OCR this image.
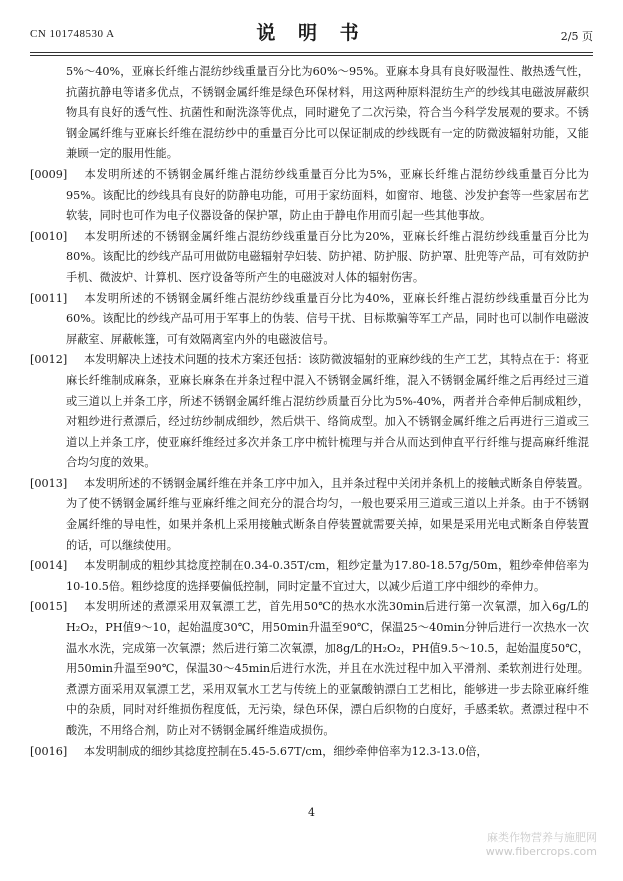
CN 101748530 A	说 明 书	2/5 页

5%～40%，亚麻长纤维占混纺纱线重量百分比为60%～95%。亚麻本身具有良好吸湿性、散热透气性，抗菌抗静电等诸多优点，不锈钢金属纤维是绿色环保材料，用这两种原料混纺生产的纱线其电磁波屏蔽织物具有良好的透气性、抗菌性和耐洗涤等优点，同时避免了二次污染，符合当今科学发展观的要求。不锈钢金属纤维与亚麻长纤维在混纺纱中的重量百分比可以保证制成的纱线既有一定的防微波辐射功能，又能兼顾一定的服用性能。

[0009] 本发明所述的不锈钢金属纤维占混纺纱线重量百分比为5%，亚麻长纤维占混纺纱线重量百分比为95%。该配比的纱线具有良好的防静电功能，可用于家纺面料，如窗帘、地毯、沙发护套等一些家居布艺软装，同时也可作为电子仪器设备的保护罩，防止由于静电作用而引起一些其他事故。

[0010] 本发明所述的不锈钢金属纤维占混纺纱线重量百分比为20%，亚麻长纤维占混纺纱线重量百分比为80%。该配比的纱线产品可用做防电磁辐射孕妇装、防护裙、防护服、防护罩、肚兜等产品，可有效防护手机、微波炉、计算机、医疗设备等所产生的电磁波对人体的辐射伤害。

[0011] 本发明所述的不锈钢金属纤维占混纺纱线重量百分比为40%，亚麻长纤维占混纺纱线重量百分比为60%。该配比的纱线产品可用于军事上的伪装、信号干扰、目标欺骗等军工产品，同时也可以制作电磁波屏蔽室、屏蔽帐篷，可有效隔离室内外的电磁波信号。

[0012] 本发明解决上述技术问题的技术方案还包括：该防微波辐射的亚麻纱线的生产工艺，其特点在于：将亚麻长纤维制成麻条，亚麻长麻条在并条过程中混入不锈钢金属纤维，混入不锈钢金属纤维之后再经过三道或三道以上并条工序，所述不锈钢金属纤维占混纺纱质量百分比为5%-40%，两者并合牵伸后制成粗纱，对粗纱进行煮漂后，经过纺纱制成细纱，然后烘干、络筒成型。加入不锈钢金属纤维之后再进行三道或三道以上并条工序，使亚麻纤维经过多次并条工序中梳针梳理与并合从而达到伸直平行纤维与提高麻纤维混合均匀度的效果。

[0013] 本发明所述的不锈钢金属纤维在并条工序中加入，且并条过程中关闭并条机上的接触式断条自停装置。为了使不锈钢金属纤维与亚麻纤维之间充分的混合均匀，一般也要采用三道或三道以上并条。由于不锈钢金属纤维的导电性，如果并条机上采用接触式断条自停装置就需要关掉，如果是采用光电式断条自停装置的话，可以继续使用。

[0014] 本发明制成的粗纱其捻度控制在0.34-0.35T/cm，粗纱定量为17.80-18.57g/50m，粗纱牵伸倍率为10-10.5倍。粗纱捻度的选择要偏低控制，同时定量不宜过大，以减少后道工序中细纱的牵伸力。

[0015] 本发明所述的煮漂采用双氧漂工艺，首先用50℃的热水水洗30min后进行第一次氧漂，加入6g/L的H₂O₂，PH值9～10，起始温度30℃，用50min升温至90℃，保温25～40min分钟后进行一次热水一次温水水洗，完成第一次氧漂；然后进行第二次氧漂，加8g/L的H₂O₂，PH值9.5～10.5，起始温度50℃，用50min升温至90℃，保温30～45min后进行水洗，并且在水洗过程中加入平滑剂、柔软剂进行处理。煮漂方面采用双氧漂工艺，采用双氧水工艺与传统上的亚氯酸钠漂白工艺相比，能够进一步去除亚麻纤维中的杂质，同时对纤维损伤程度低，无污染，绿色环保，漂白后织物的白度好，手感柔软。煮漂过程中不酸洗，不用络合剂，防止对不锈钢金属纤维造成损伤。

[0016] 本发明制成的细纱其捻度控制在5.45-5.67T/cm，细纱牵伸倍率为12.3-13.0倍，

4
麻类作物营养与施肥网
www.fibercrops.com
